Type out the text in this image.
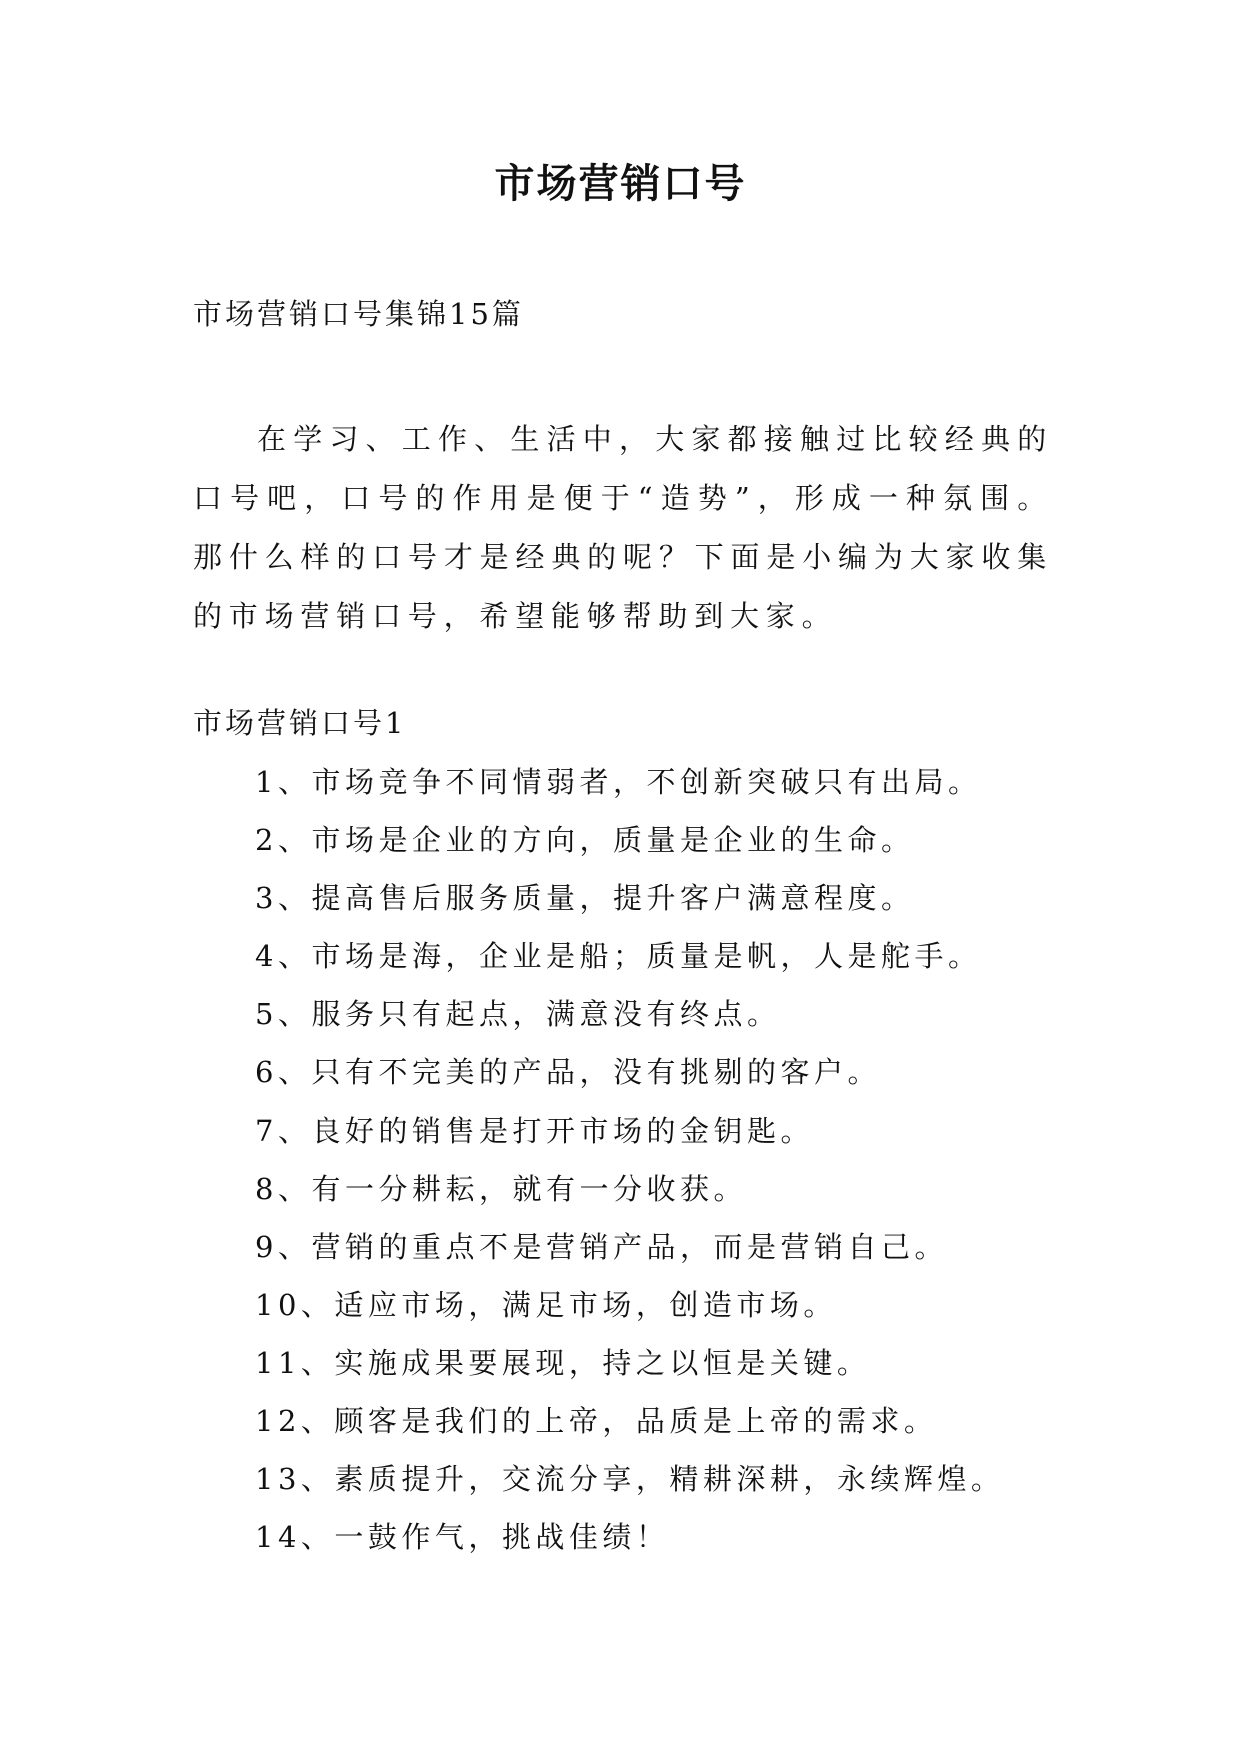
市场营销口号

市场营销口号集锦15篇

在学习、工作、生活中，大家都接触过比较经典的口号吧，口号的作用是便于“造势”，形成一种氛围。那什么样的口号才是经典的呢？下面是小编为大家收集的市场营销口号，希望能够帮助到大家。

市场营销口号1

1、市场竞争不同情弱者，不创新突破只有出局。
2、市场是企业的方向，质量是企业的生命。
3、提高售后服务质量，提升客户满意程度。
4、市场是海，企业是船；质量是帆，人是舵手。
5、服务只有起点，满意没有终点。
6、只有不完美的产品，没有挑剔的客户。
7、良好的销售是打开市场的金钥匙。
8、有一分耕耘，就有一分收获。
9、营销的重点不是营销产品，而是营销自己。
10、适应市场，满足市场，创造市场。
11、实施成果要展现，持之以恒是关键。
12、顾客是我们的上帝，品质是上帝的需求。
13、素质提升，交流分享，精耕深耕，永续辉煌。
14、一鼓作气，挑战佳绩！
